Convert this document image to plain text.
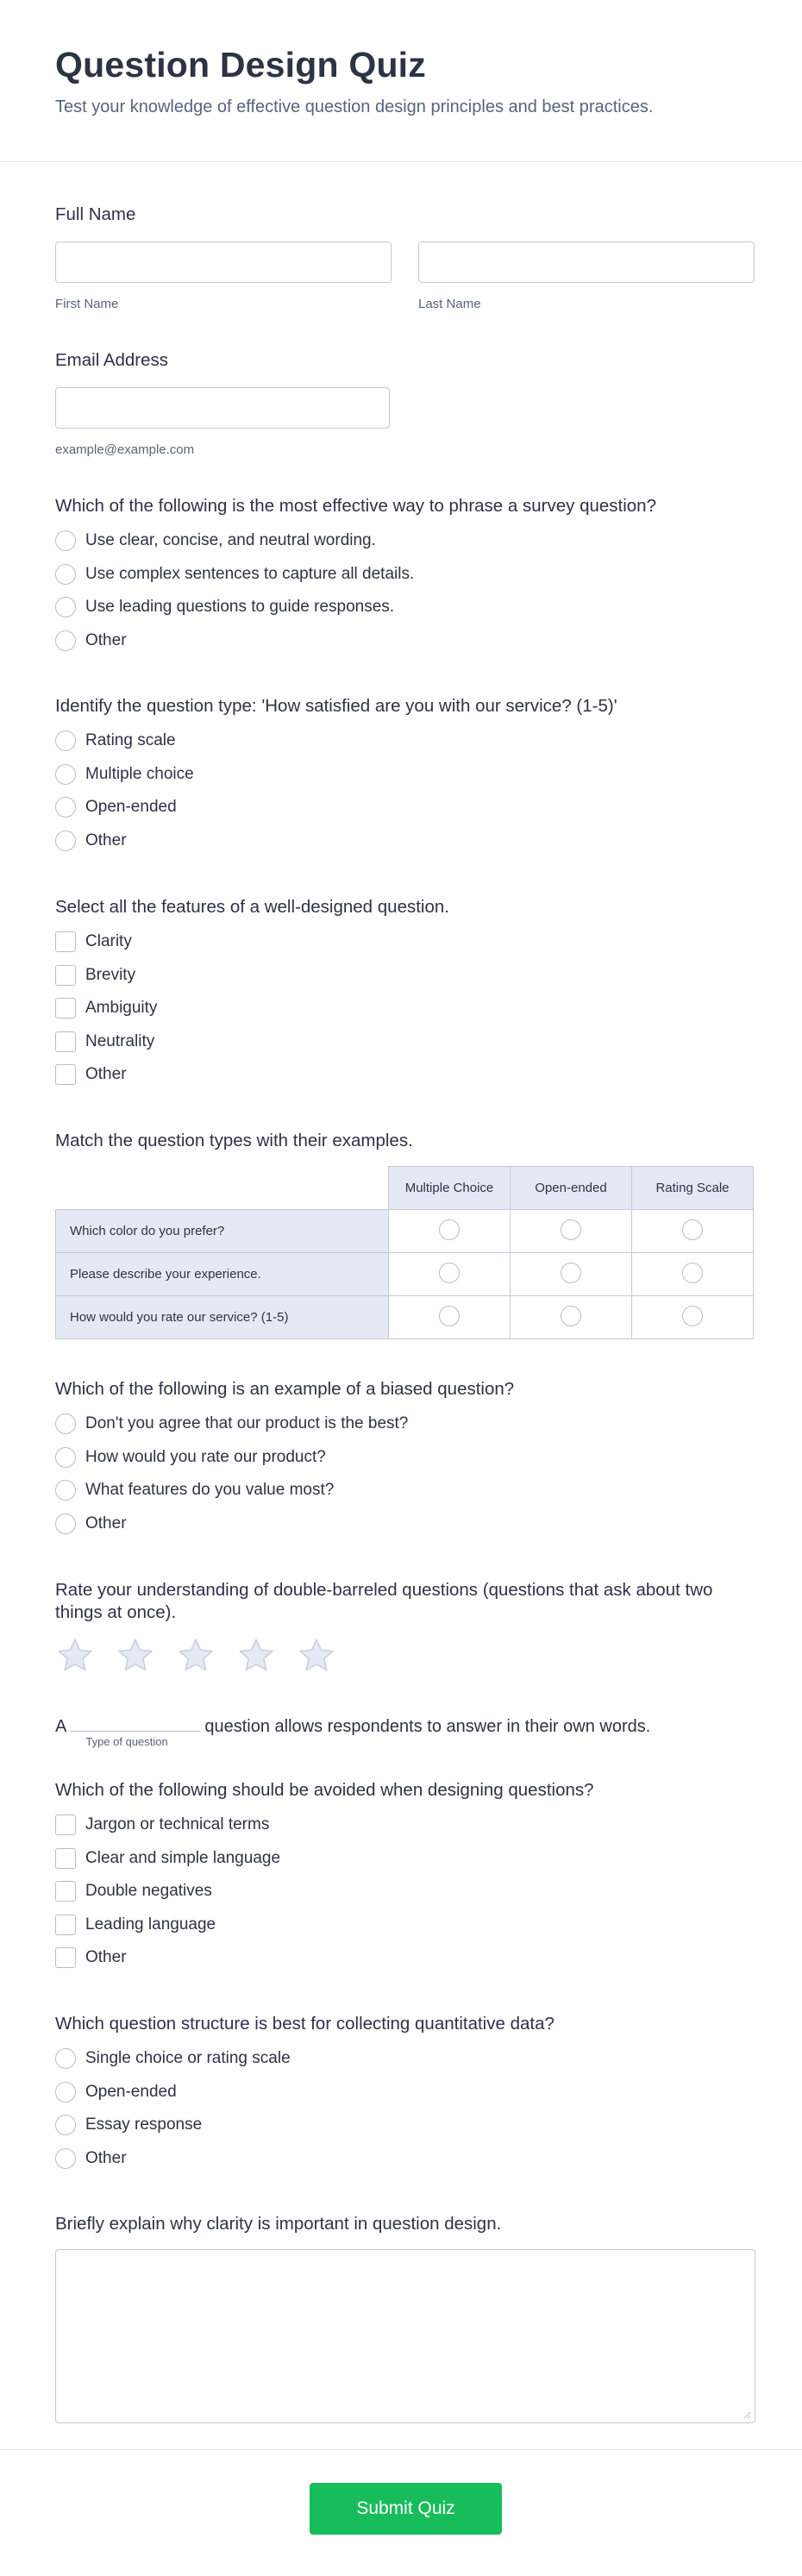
Question Design Quiz

Test your knowledge of effective question design principles and best practices.

Full Name
First Name	Last Name
Email Address
example@example.com
Which of the following is the most effective way to phrase a survey question?
Use clear, concise, and neutral wording.
Use complex sentences to capture all details.
Use leading questions to guide responses.
Other
Identify the question type: 'How satisfied are you with our service? (1-5)'
Rating scale
Multiple choice
Open-ended
Other
Select all the features of a well-designed question.
Clarity
Brevity
Ambiguity
Neutrality
Other
Match the question types with their examples.
	Multiple Choice	Open-ended	Rating Scale
Which color do you prefer?			
Please describe your experience.			
How would you rate our service? (1-5)			
Which of the following is an example of a biased question?
Don't you agree that our product is the best?
How would you rate our product?
What features do you value most?
Other
Rate your understanding of double-barreled questions (questions that ask about two things at once).
A
Type of question
question allows respondents to answer in their own words.
Which of the following should be avoided when designing questions?
Jargon or technical terms
Clear and simple language
Double negatives
Leading language
Other
Which question structure is best for collecting quantitative data?
Single choice or rating scale
Open-ended
Essay response
Other
Briefly explain why clarity is important in question design.
Submit Quiz
